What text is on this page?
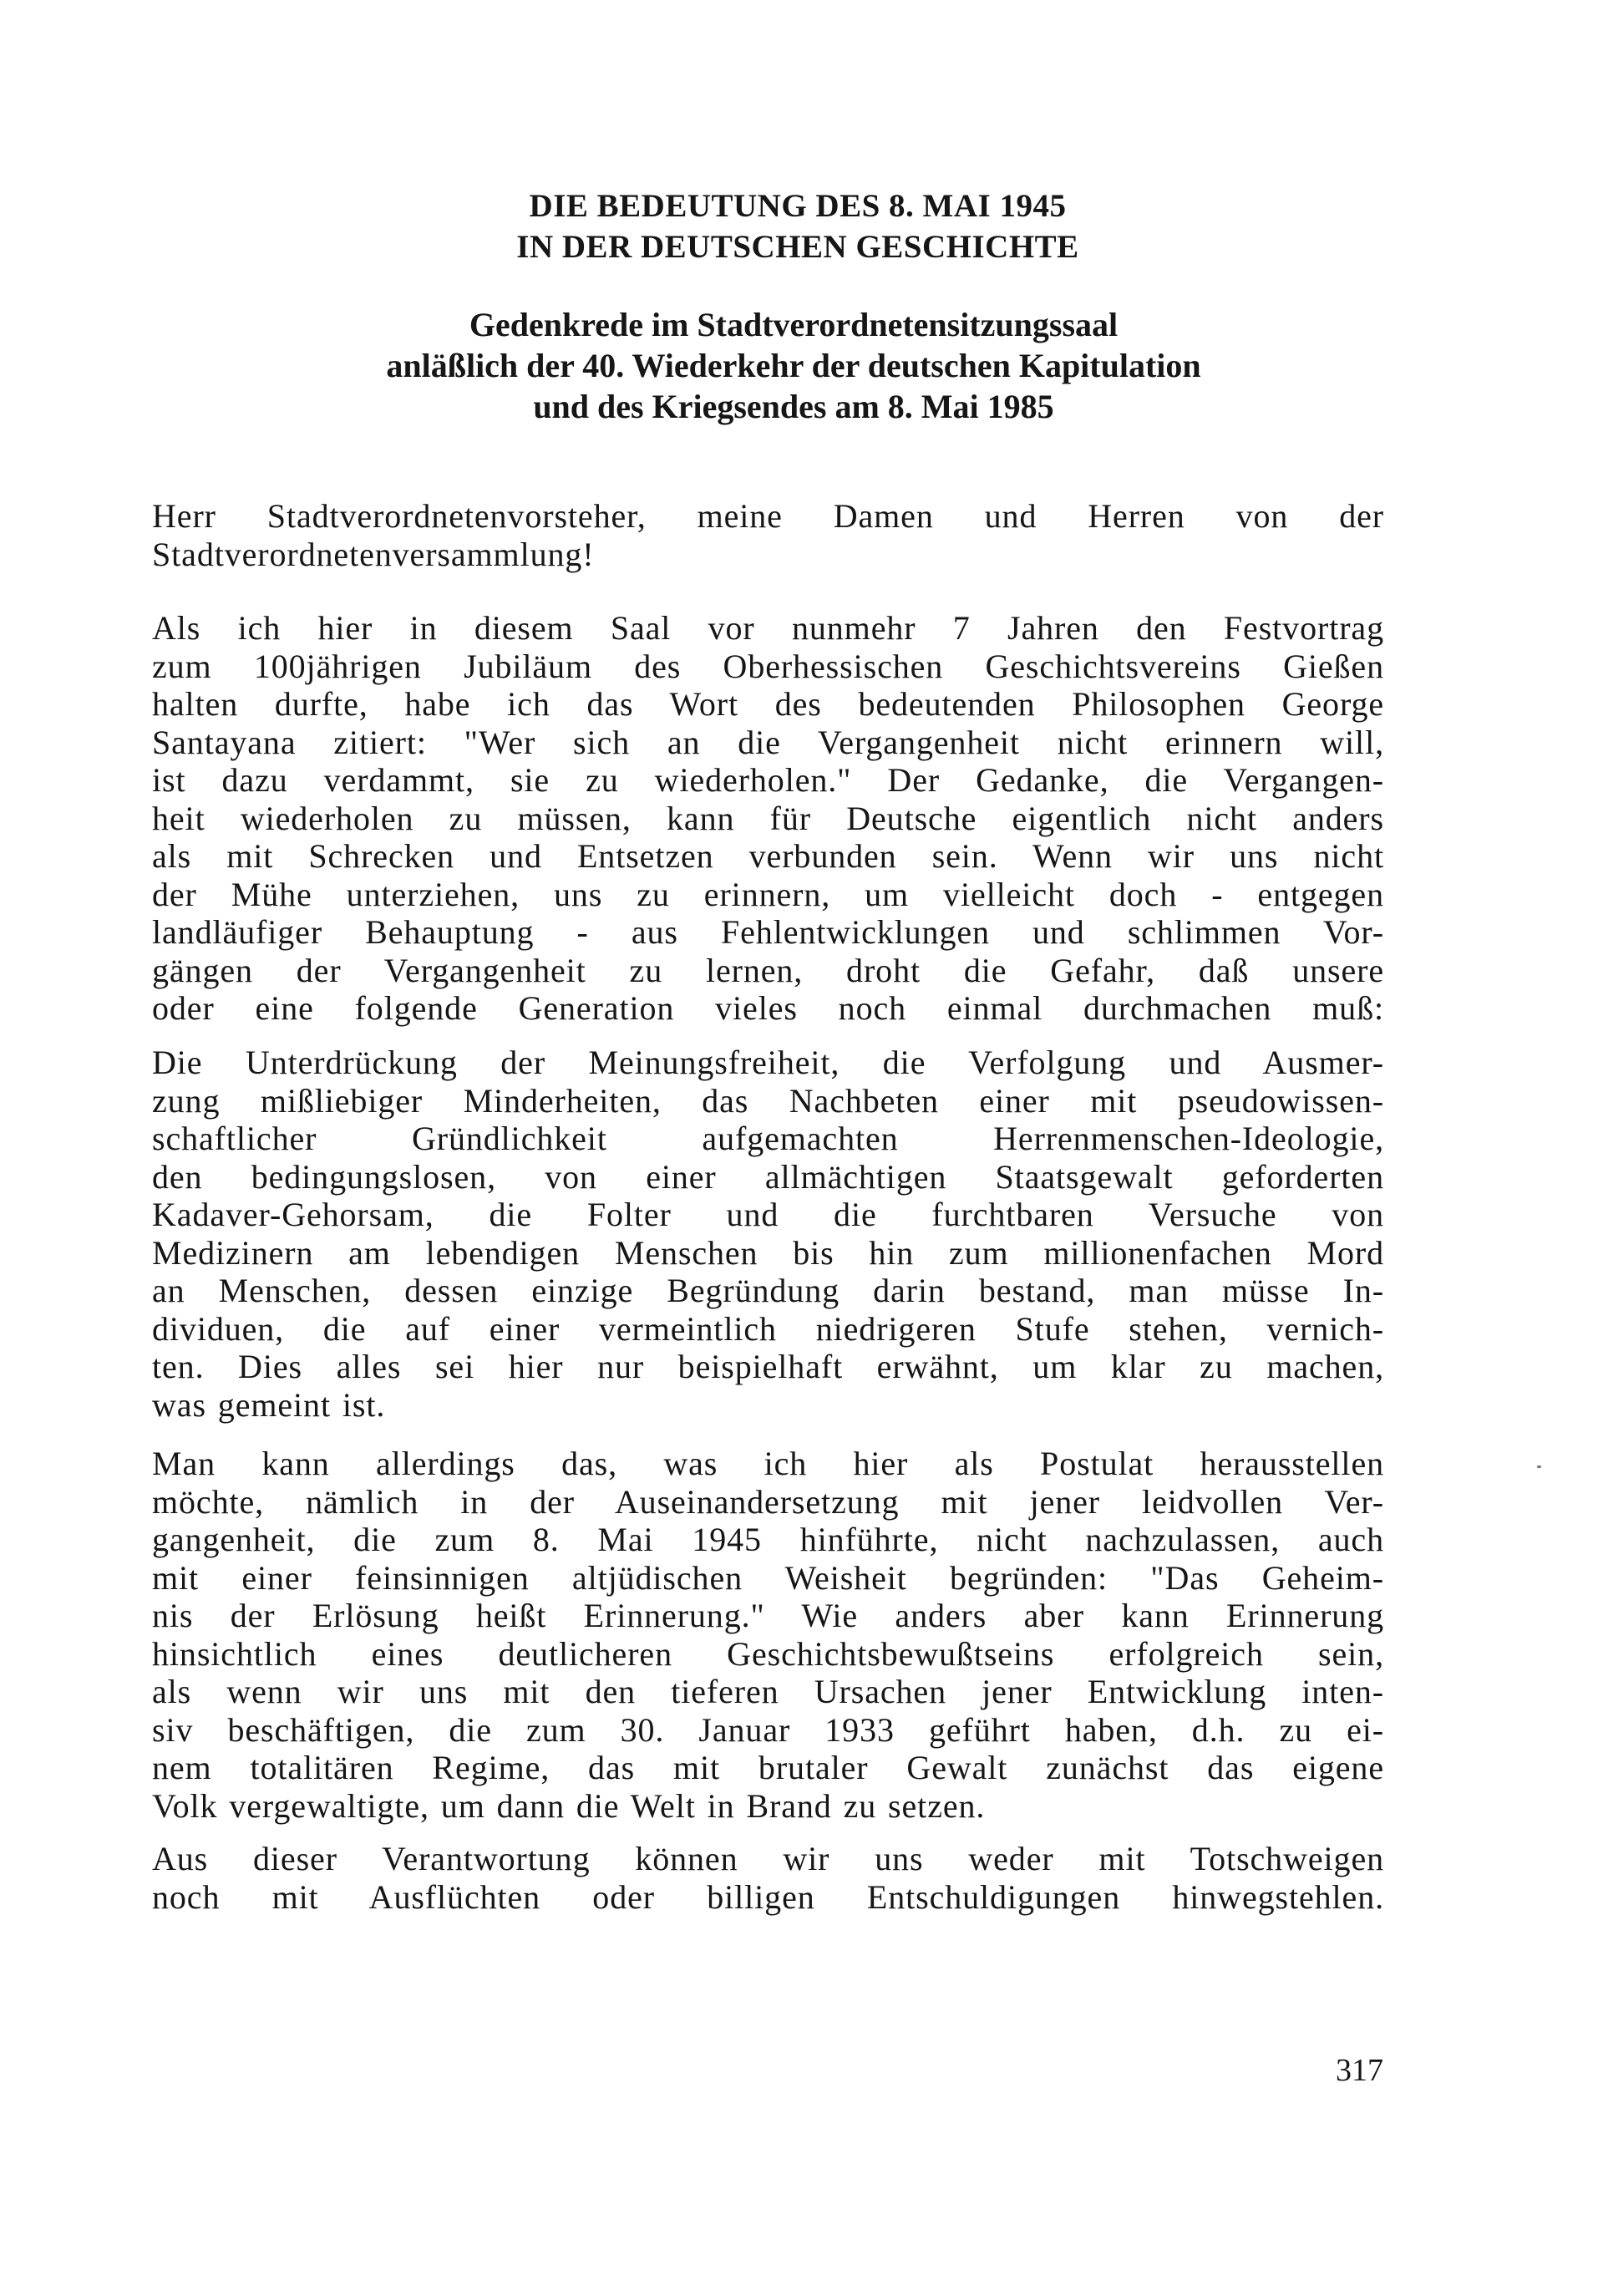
DIE BEDEUTUNG DES 8. MAI 1945
IN DER DEUTSCHEN GESCHICHTE
Gedenkrede im Stadtverordnetensitzungssaal
anläßlich der 40. Wiederkehr der deutschen Kapitulation
und des Kriegsendes am 8. Mai 1985
Herr Stadtverordnetenvorsteher, meine Damen und Herren von der
Stadtverordnetenversammlung!
Als ich hier in diesem Saal vor nunmehr 7 Jahren den Festvortrag
zum 100jährigen Jubiläum des Oberhessischen Geschichtsvereins Gießen
halten durfte, habe ich das Wort des bedeutenden Philosophen George
Santayana zitiert: "Wer sich an die Vergangenheit nicht erinnern will,
ist dazu verdammt, sie zu wiederholen." Der Gedanke, die Vergangen-
heit wiederholen zu müssen, kann für Deutsche eigentlich nicht anders
als mit Schrecken und Entsetzen verbunden sein. Wenn wir uns nicht
der Mühe unterziehen, uns zu erinnern, um vielleicht doch - entgegen
landläufiger Behauptung - aus Fehlentwicklungen und schlimmen Vor-
gängen der Vergangenheit zu lernen, droht die Gefahr, daß unsere
oder eine folgende Generation vieles noch einmal durchmachen muß:
Die Unterdrückung der Meinungsfreiheit, die Verfolgung und Ausmer-
zung mißliebiger Minderheiten, das Nachbeten einer mit pseudowissen-
schaftlicher Gründlichkeit aufgemachten Herrenmenschen-Ideologie,
den bedingungslosen, von einer allmächtigen Staatsgewalt geforderten
Kadaver-Gehorsam, die Folter und die furchtbaren Versuche von
Medizinern am lebendigen Menschen bis hin zum millionenfachen Mord
an Menschen, dessen einzige Begründung darin bestand, man müsse In-
dividuen, die auf einer vermeintlich niedrigeren Stufe stehen, vernich-
ten. Dies alles sei hier nur beispielhaft erwähnt, um klar zu machen,
was gemeint ist.
Man kann allerdings das, was ich hier als Postulat herausstellen
möchte, nämlich in der Auseinandersetzung mit jener leidvollen Ver-
gangenheit, die zum 8. Mai 1945 hinführte, nicht nachzulassen, auch
mit einer feinsinnigen altjüdischen Weisheit begründen: "Das Geheim-
nis der Erlösung heißt Erinnerung." Wie anders aber kann Erinnerung
hinsichtlich eines deutlicheren Geschichtsbewußtseins erfolgreich sein,
als wenn wir uns mit den tieferen Ursachen jener Entwicklung inten-
siv beschäftigen, die zum 30. Januar 1933 geführt haben, d.h. zu ei-
nem totalitären Regime, das mit brutaler Gewalt zunächst das eigene
Volk vergewaltigte, um dann die Welt in Brand zu setzen.
Aus dieser Verantwortung können wir uns weder mit Totschweigen
noch mit Ausflüchten oder billigen Entschuldigungen hinwegstehlen.
317
